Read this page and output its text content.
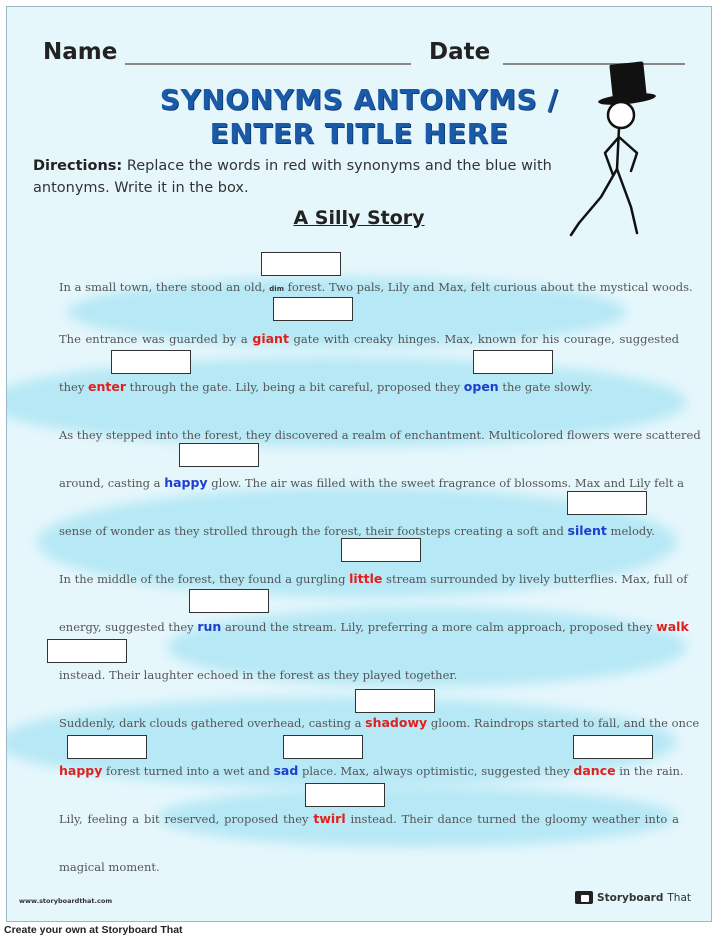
Name	Date
SYNONYMS ANTONYMS /
ENTER TITLE HERE
Directions: Replace the words in red with synonyms and the blue with antonyms. Write it in the box.
A Silly Story
In a small town, there stood an old, dim forest. Two pals, Lily and Max, felt curious about the mystical woods.
The entrance was guarded by a giant gate with creaky hinges. Max, known for his courage, suggested
they enter through the gate. Lily, being a bit careful, proposed they open the gate slowly.
As they stepped into the forest, they discovered a realm of enchantment. Multicolored flowers were scattered
around, casting a happy glow. The air was filled with the sweet fragrance of blossoms. Max and Lily felt a
sense of wonder as they strolled through the forest, their footsteps creating a soft and silent melody.
In the middle of the forest, they found a gurgling little stream surrounded by lively butterflies. Max, full of
energy, suggested they run around the stream. Lily, preferring a more calm approach, proposed they walk
instead. Their laughter echoed in the forest as they played together.
Suddenly, dark clouds gathered overhead, casting a shadowy gloom. Raindrops started to fall, and the once
happy forest turned into a wet and sad place. Max, always optimistic, suggested they dance in the rain.
Lily, feeling a bit reserved, proposed they twirl instead. Their dance turned the gloomy weather into a
magical moment.
www.storyboardthat.com	Storyboard That
Create your own at Storyboard That
